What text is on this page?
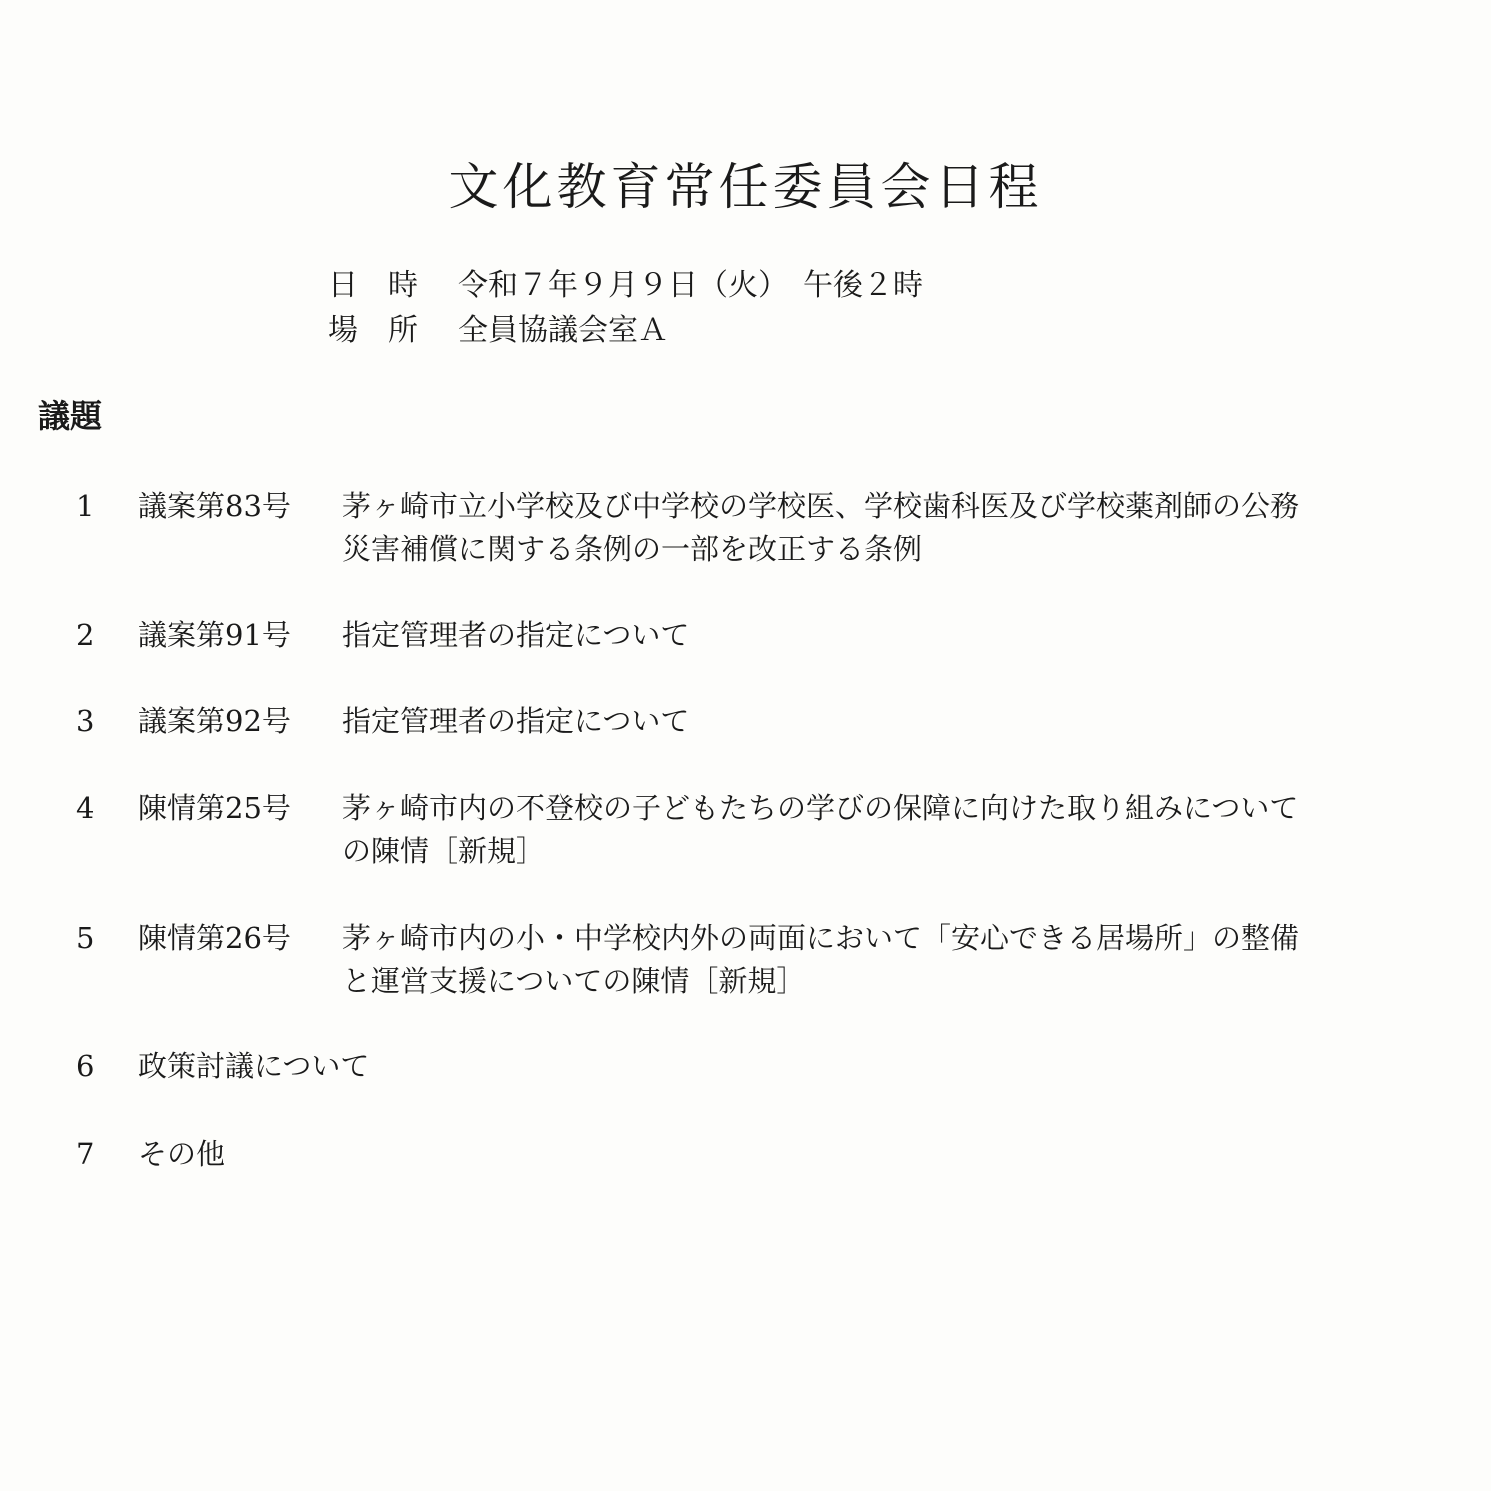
文化教育常任委員会日程
日　時 令和７年９月９日（火）　午後２時
場　所 全員協議会室Ａ
議題
1 議案第83号 茅ヶ崎市立小学校及び中学校の学校医、学校歯科医及び学校薬剤師の公務
災害補償に関する条例の一部を改正する条例
2 議案第91号 指定管理者の指定について
3 議案第92号 指定管理者の指定について
4 陳情第25号 茅ヶ崎市内の不登校の子どもたちの学びの保障に向けた取り組みについて
の陳情［新規］
5 陳情第26号 茅ヶ崎市内の小・中学校内外の両面において「安心できる居場所」の整備
と運営支援についての陳情［新規］
6 政策討議について
7 その他
